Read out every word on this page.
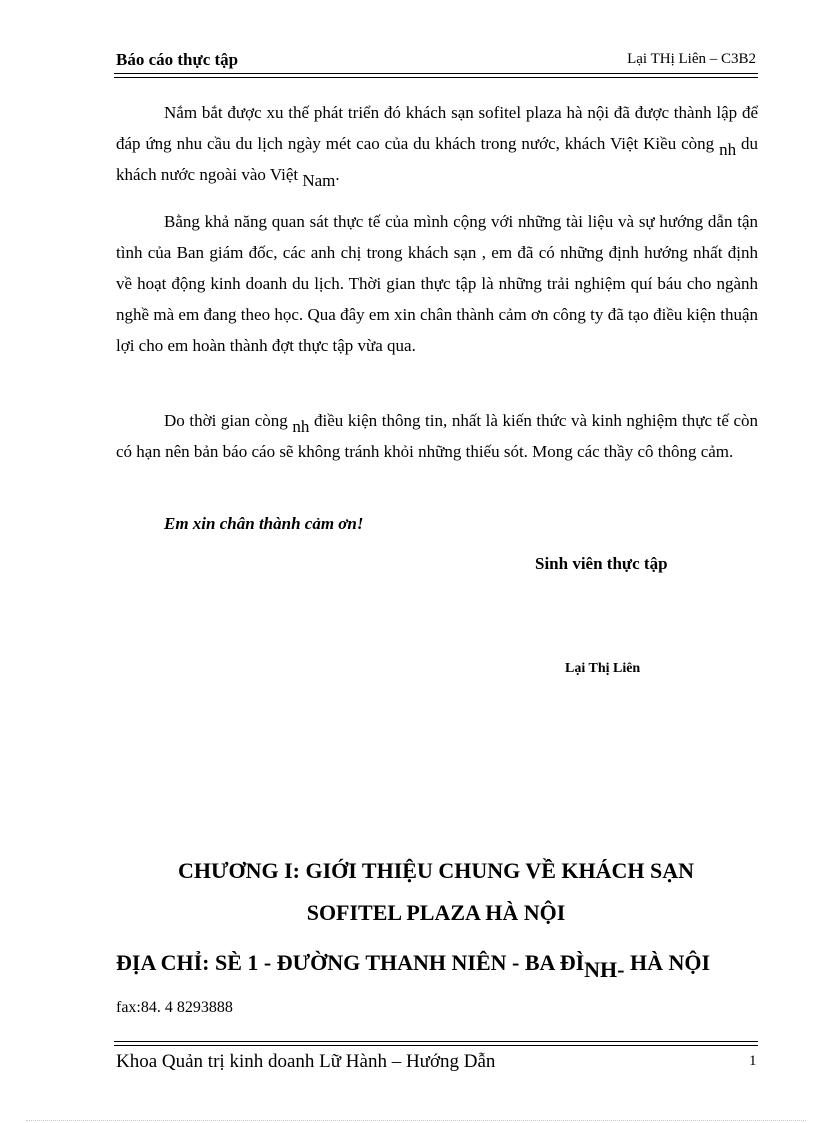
Báo cáo thực tập	Lại THị Liên – C3B2

Nắm bắt được xu thế phát triển đó khách sạn sofitel plaza hà nội đã được thành lập để đáp ứng nhu cầu du lịch ngày mét cao của du khách trong nước, khách Việt Kiều còng nh du khách nước ngoài vào Việt Nam.

Bằng khả năng quan sát thực tế của mình cộng với những tài liệu và sự hướng dẫn tận tình của Ban giám đốc, các anh chị trong khách sạn , em đã có những định hướng nhất định về hoạt động kinh doanh du lịch. Thời gian thực tập là những trải nghiệm quí báu cho ngành nghề mà em đang theo học. Qua đây em xin chân thành cảm ơn công ty đã tạo điều kiện thuận lợi cho em hoàn thành đợt thực tập vừa qua.

Do thời gian còng nh điều kiện thông tin, nhất là kiến thức và kinh nghiệm thực tế còn có hạn nên bản báo cáo sẽ không tránh khỏi những thiếu sót. Mong các thầy cô thông cảm.

Em xin chân thành cảm ơn!
Sinh viên thực tập
Lại Thị Liên
CHƯƠNG I: GIỚI THIỆU CHUNG VỀ KHÁCH SẠN
SOFITEL PLAZA HÀ NỘI
ĐỊA CHỈ: SÈ 1 - ĐƯỜNG THANH NIÊN - BA ĐÌNH- HÀ NỘI
fax:84. 4 8293888
Khoa Quản trị kinh doanh Lữ Hành – Hướng Dẫn	1
